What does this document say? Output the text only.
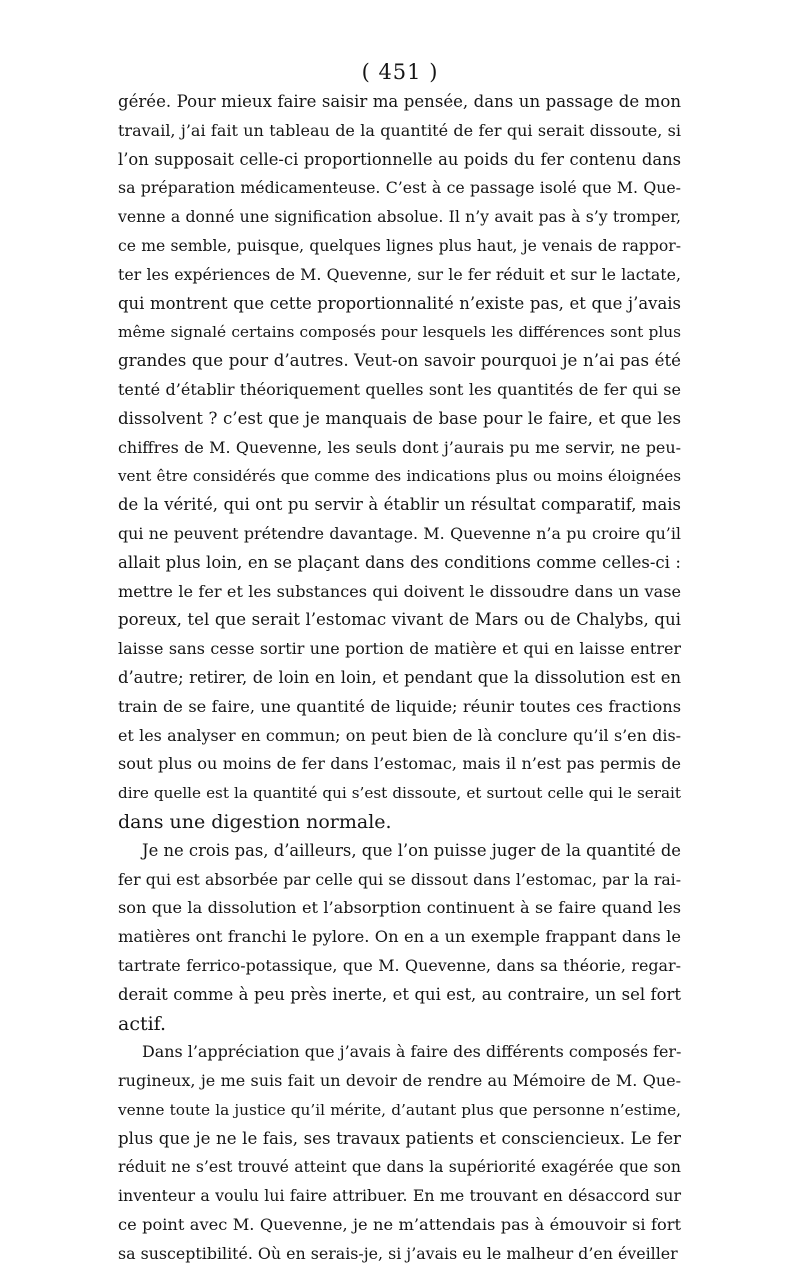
( 451 )
gérée. Pour mieux faire saisir ma pensée, dans un passage de mon
travail, j’ai fait un tableau de la quantité de fer qui serait dissoute, si
l’on supposait celle-ci proportionnelle au poids du fer contenu dans
sa préparation médicamenteuse. C’est à ce passage isolé que M. Que-
venne a donné une signification absolue. Il n’y avait pas à s’y tromper,
ce me semble, puisque, quelques lignes plus haut, je venais de rappor-
ter les expériences de M. Quevenne, sur le fer réduit et sur le lactate,
qui montrent que cette proportionnalité n’existe pas, et que j’avais
même signalé certains composés pour lesquels les différences sont plus
grandes que pour d’autres. Veut-on savoir pourquoi je n’ai pas été
tenté d’établir théoriquement quelles sont les quantités de fer qui se
dissolvent ? c’est que je manquais de base pour le faire, et que les
chiffres de M. Quevenne, les seuls dont j’aurais pu me servir, ne peu-
vent être considérés que comme des indications plus ou moins éloignées
de la vérité, qui ont pu servir à établir un résultat comparatif, mais
qui ne peuvent prétendre davantage. M. Quevenne n’a pu croire qu’il
allait plus loin, en se plaçant dans des conditions comme celles-ci :
mettre le fer et les substances qui doivent le dissoudre dans un vase
poreux, tel que serait l’estomac vivant de Mars ou de Chalybs, qui
laisse sans cesse sortir une portion de matière et qui en laisse entrer
d’autre; retirer, de loin en loin, et pendant que la dissolution est en
train de se faire, une quantité de liquide; réunir toutes ces fractions
et les analyser en commun; on peut bien de là conclure qu’il s’en dis-
sout plus ou moins de fer dans l’estomac, mais il n’est pas permis de
dire quelle est la quantité qui s’est dissoute, et surtout celle qui le serait
dans une digestion normale.
Je ne crois pas, d’ailleurs, que l’on puisse juger de la quantité de
fer qui est absorbée par celle qui se dissout dans l’estomac, par la rai-
son que la dissolution et l’absorption continuent à se faire quand les
matières ont franchi le pylore. On en a un exemple frappant dans le
tartrate ferrico-potassique, que M. Quevenne, dans sa théorie, regar-
derait comme à peu près inerte, et qui est, au contraire, un sel fort
actif.
Dans l’appréciation que j’avais à faire des différents composés fer-
rugineux, je me suis fait un devoir de rendre au Mémoire de M. Que-
venne toute la justice qu’il mérite, d’autant plus que personne n’estime,
plus que je ne le fais, ses travaux patients et consciencieux. Le fer
réduit ne s’est trouvé atteint que dans la supériorité exagérée que son
inventeur a voulu lui faire attribuer. En me trouvant en désaccord sur
ce point avec M. Quevenne, je ne m’attendais pas à émouvoir si fort
sa susceptibilité. Où en serais-je, si j’avais eu le malheur d’en éveiller
